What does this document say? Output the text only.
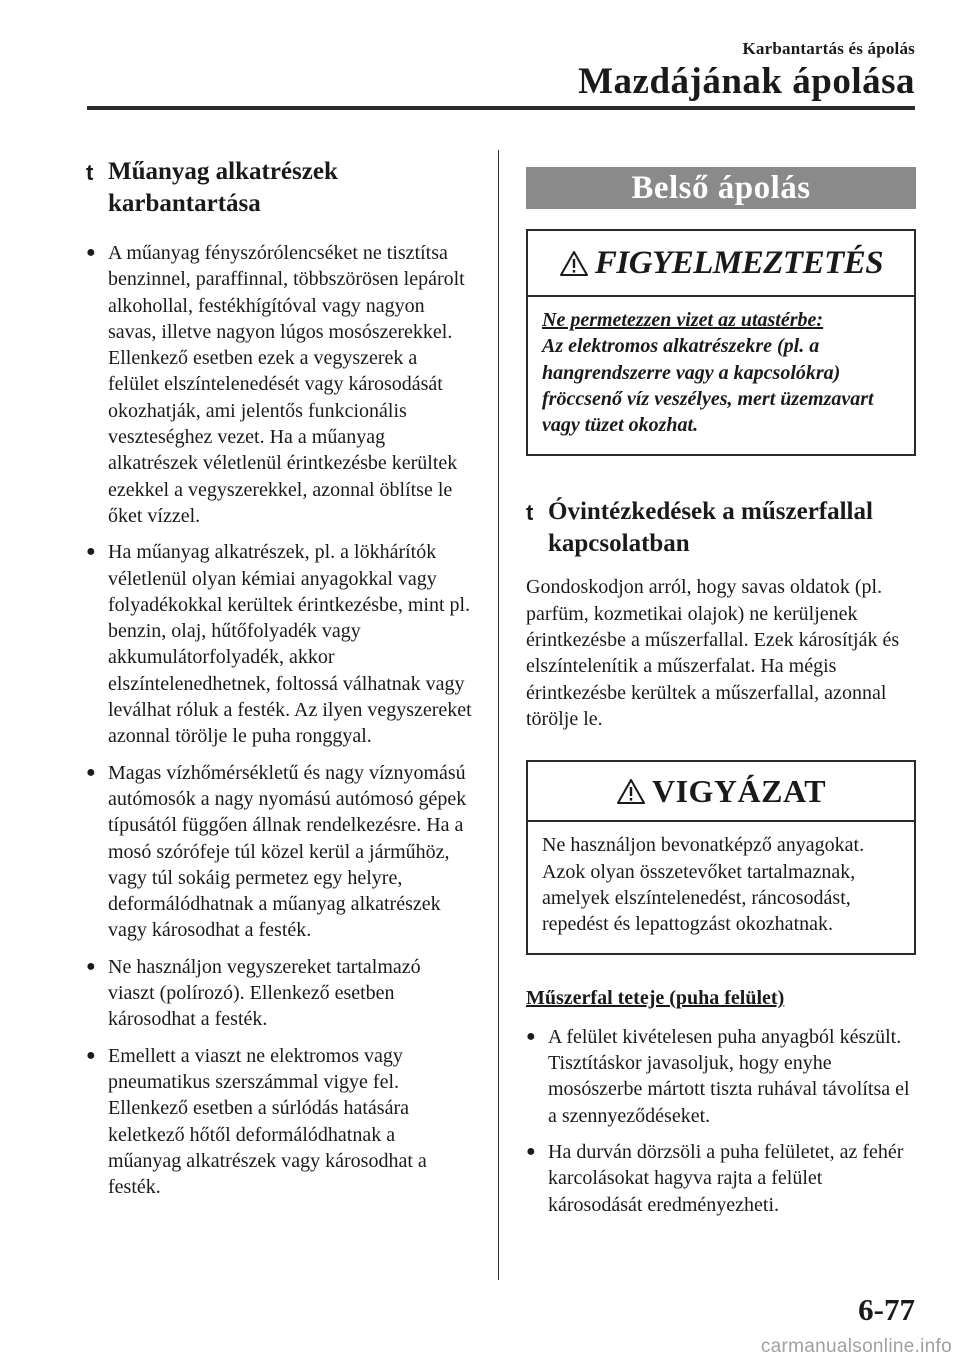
Karbantartás és ápolás
Mazdájának ápolása
t Műanyag alkatrészek karbantartása
● A műanyag fényszórólencséket ne tisztítsa benzinnel, paraffinnal, többszörösen lepárolt alkohollal, festékhígítóval vagy nagyon savas, illetve nagyon lúgos mosószerekkel. Ellenkező esetben ezek a vegyszerek a felület elszíntelenedését vagy károsodását okozhatják, ami jelentős funkcionális veszteséghez vezet. Ha a műanyag alkatrészek véletlenül érintkezésbe kerültek ezekkel a vegyszerekkel, azonnal öblítse le őket vízzel.
● Ha műanyag alkatrészek, pl. a lökhárítók véletlenül olyan kémiai anyagokkal vagy folyadékokkal kerültek érintkezésbe, mint pl. benzin, olaj, hűtőfolyadék vagy akkumulátorfolyadék, akkor elszíntelenedhetnek, foltossá válhatnak vagy leválhat róluk a festék. Az ilyen vegyszereket azonnal törölje le puha ronggyal.
● Magas vízhőmérsékletű és nagy víznyomású autómosók a nagy nyomású autómosó gépek típusától függően állnak rendelkezésre. Ha a mosó szórófeje túl közel kerül a járműhöz, vagy túl sokáig permetez egy helyre, deformálódhatnak a műanyag alkatrészek vagy károsodhat a festék.
● Ne használjon vegyszereket tartalmazó viaszt (polírozó). Ellenkező esetben károsodhat a festék.
● Emellett a viaszt ne elektromos vagy pneumatikus szerszámmal vigye fel. Ellenkező esetben a súrlódás hatására keletkező hőtől deformálódhatnak a műanyag alkatrészek vagy károsodhat a festék.
Belső ápolás
FIGYELMEZTETÉS
Ne permetezzen vizet az utastérbe:
Az elektromos alkatrészekre (pl. a hangrendszerre vagy a kapcsolókra) fröccsenő víz veszélyes, mert üzemzavart vagy tüzet okozhat.
t Óvintézkedések a műszerfallal kapcsolatban
Gondoskodjon arról, hogy savas oldatok (pl. parfüm, kozmetikai olajok) ne kerüljenek érintkezésbe a műszerfallal. Ezek károsítják és elszíntelenítik a műszerfalat. Ha mégis érintkezésbe kerültek a műszerfallal, azonnal törölje le.
VIGYÁZAT
Ne használjon bevonatképző anyagokat.
Azok olyan összetevőket tartalmaznak, amelyek elszíntelenedést, ráncosodást, repedést és lepattogzást okozhatnak.
Műszerfal teteje (puha felület)
● A felület kivételesen puha anyagból készült. Tisztításkor javasoljuk, hogy enyhe mosószerbe mártott tiszta ruhával távolítsa el a szennyeződéseket.
● Ha durván dörzsöli a puha felületet, az fehér karcolásokat hagyva rajta a felület károsodását eredményezheti.
6-77
carmanualsonline.info
